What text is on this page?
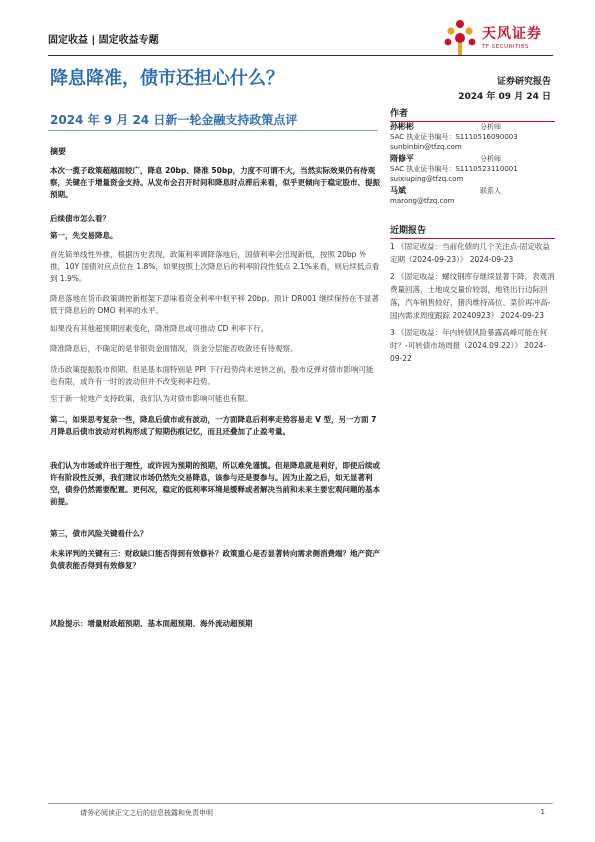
固定收益 | 固定收益专题	天风证券
TF SECURITIES
降息降准，债市还担心什么？
2024 年 9 月 24 日新一轮金融支持政策点评
证券研究报告
2024 年 09 月 24 日
作者
孙彬彬	分析师
SAC 执业证书编号：S1110516090003
sunbinbin@tfzq.com
隋修平	分析师
SAC 执业证书编号：S1110523110001
suixiuping@tfzq.com
马斌	联系人
marong@tfzq.com
近期报告

1 《固定收益：当前化债的几个关注点-固定收益定期（2024-09-23）》 2024-09-23

2 《固定收益：螺纹钢库存继续显著下降，表观消费量回落，土地成交量价较弱，地铁出行边际回落，汽车销售较好，猪肉维持高位、菜价再冲高-国内需求周度跟踪 20240923》 2024-09-23

3 《固定收益：年内转债风险暴露高峰可能在何时？-可转债市场周报（2024.09.22）》 2024-09-22

摘要
本次一揽子政策超越面较广，降息 20bp、降准 50bp，力度不可谓不大，当然实际效果仍有待观察，关键在于增量资金支持。从发布会召开时间和降息时点滞后来看，似乎更倾向于稳定股市、提振预期。
后续债市怎么看？
第一，先交易降息。
首先简单线性外推，根据历史表现，政策利率调降落地后，国债利率会出现新低，按照 20bp 外推，10Y 国债对应点位在 1.8%，如果按照上次降息后的利率阶段性低点 2.1%来看，则后续低点看到 1.9%。
降息落地在货币政策调控新框架下意味着资金利率中枢平移 20bp。预计 DR001 继续保持在不显著低于降息后的 OMO 利率的水平。
如果没有其他超预期因素变化，降准降息或可推动 CD 利率下行。
降准降息后，不确定的是非银资金面情况，资金分层能否收敛还有待观察。
货币政策提振股市预期、但是基本面特别是 PPI 下行趋势尚未逆转之前，股市反弹对债市影响可能也有限，或许有一时的波动但并不改变利率趋势。
至于新一轮地产支持政策，我们认为对债市影响可能也有限。
第二，如果思考复杂一些，降息后债市或有波动，一方面降息后利率走势容易走 V 型，另一方面 7 月降息后债市波动对机构形成了短期伤痕记忆，而且还叠加了止盈考量。
我们认为市场或许出于理性，或许因为预期的预期，所以难免谨慎。但是降息就是利好，即使后续或许有阶段性反弹，我们建议市场仍然先交易降息，该参与还是要参与。因为止盈之后，如无显著利空，债券仍然需要配置。更何况，稳定的低利率环境是缓释或者解决当前和未来主要宏观问题的基本前提。
第三，债市风险关键看什么？
未来评判的关键有三：财政缺口能否得到有效修补？政策重心是否显著转向需求侧消费端？地产资产负债表能否得到有效修复？
风险提示：增量财政超预期、基本面超预期、海外流动超预期
请务必阅读正文之后的信息披露和免责申明	1
